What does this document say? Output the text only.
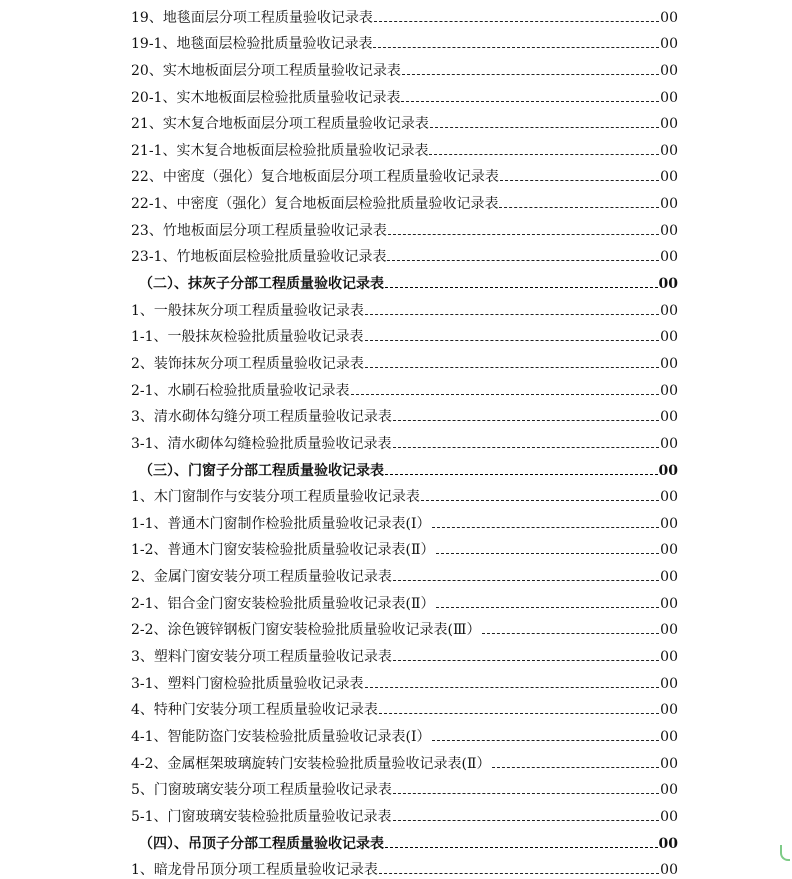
19、地毯面层分项工程质量验收记录表	00
19-1、地毯面层检验批质量验收记录表	00
20、实木地板面层分项工程质量验收记录表	00
20-1、实木地板面层检验批质量验收记录表	00
21、实木复合地板面层分项工程质量验收记录表	00
21-1、实木复合地板面层检验批质量验收记录表	00
22、中密度（强化）复合地板面层分项工程质量验收记录表	00
22-1、中密度（强化）复合地板面层检验批质量验收记录表	00
23、竹地板面层分项工程质量验收记录表	00
23-1、竹地板面层检验批质量验收记录表	00
（二）、抹灰子分部工程质量验收记录表	00
1、一般抹灰分项工程质量验收记录表	00
1-1、一般抹灰检验批质量验收记录表	00
2、装饰抹灰分项工程质量验收记录表	00
2-1、水刷石检验批质量验收记录表	00
3、清水砌体勾缝分项工程质量验收记录表	00
3-1、清水砌体勾缝检验批质量验收记录表	00
（三）、门窗子分部工程质量验收记录表	00
1、木门窗制作与安装分项工程质量验收记录表	00
1-1、普通木门窗制作检验批质量验收记录表(Ⅰ）	00
1-2、普通木门窗安装检验批质量验收记录表(Ⅱ）	00
2、金属门窗安装分项工程质量验收记录表	00
2-1、铝合金门窗安装检验批质量验收记录表(Ⅱ）	00
2-2、涂色镀锌钢板门窗安装检验批质量验收记录表(Ⅲ）	00
3、塑料门窗安装分项工程质量验收记录表	00
3-1、塑料门窗检验批质量验收记录表	00
4、特种门安装分项工程质量验收记录表	00
4-1、智能防盗门安装检验批质量验收记录表(Ⅰ）	00
4-2、金属框架玻璃旋转门安装检验批质量验收记录表(Ⅱ）	00
5、门窗玻璃安装分项工程质量验收记录表	00
5-1、门窗玻璃安装检验批质量验收记录表	00
（四）、吊顶子分部工程质量验收记录表	00
1、暗龙骨吊顶分项工程质量验收记录表	00
